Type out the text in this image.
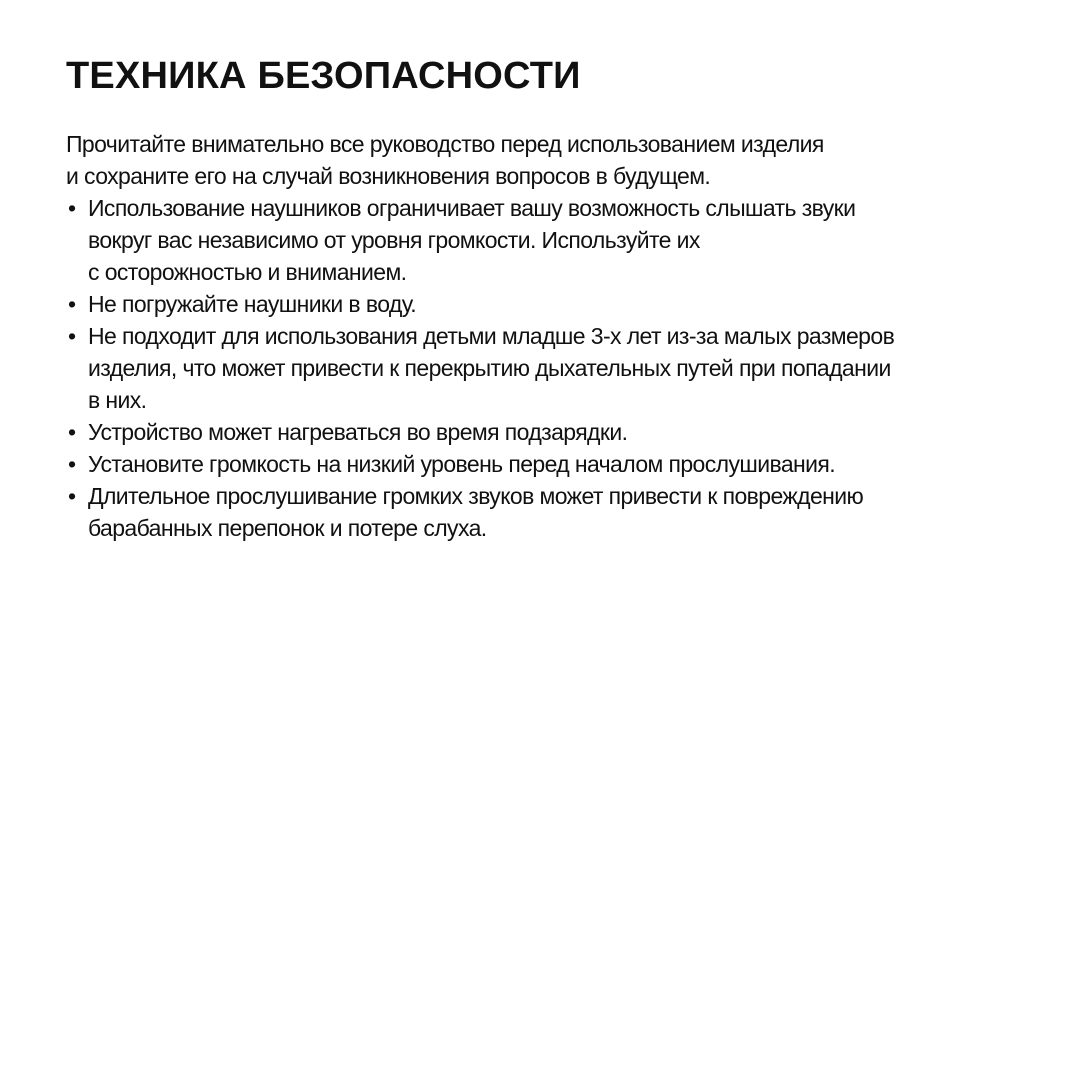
ТЕХНИКА БЕЗОПАСНОСТИ

Прочитайте внимательно все руководство перед использованием изделия
и сохраните его на случай возникновения вопросов в будущем.

• Использование наушников ограничивает вашу возможность слышать звуки
вокруг вас независимо от уровня громкости. Используйте их
с осторожностью и вниманием.
• Не погружайте наушники в воду.
• Не подходит для использования детьми младше 3-х лет из-за малых размеров
изделия, что может привести к перекрытию дыхательных путей при попадании
в них.
• Устройство может нагреваться во время подзарядки.
• Установите громкость на низкий уровень перед началом прослушивания.
• Длительное прослушивание громких звуков может привести к повреждению
барабанных перепонок и потере слуха.
